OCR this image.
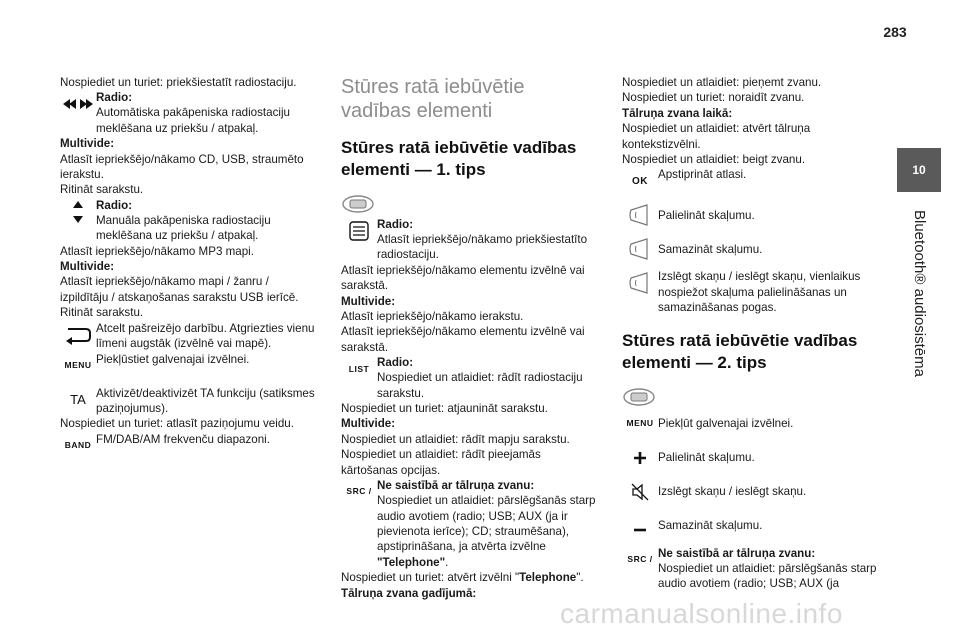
283
10
Bluetooth® audiosistēma

Nospiediet un turiet: priekšiestatīt radiostaciju.

Radio:

Automātiska pakāpeniska radiostaciju meklēšana uz priekšu / atpakaļ.

Multivide:

Atlasīt iepriekšējo/nākamo CD, USB, straumēto ierakstu.

Ritināt sarakstu.

Radio:

Manuāla pakāpeniska radiostaciju meklēšana uz priekšu / atpakaļ.

Atlasīt iepriekšējo/nākamo MP3 mapi.

Multivide:

Atlasīt iepriekšējo/nākamo mapi / žanru / izpildītāju / atskaņošanas sarakstu USB ierīcē.

Ritināt sarakstu.

Atcelt pašreizējo darbību. Atgriezties vienu līmeni augstāk (izvēlnē vai mapē).

MENU Piekļūstiet galvenajai izvēlnei.

TA Aktivizēt/deaktivizēt TA funkciju (satiksmes paziņojumus).

Nospiediet un turiet: atlasīt paziņojumu veidu.

BAND FM/DAB/AM frekvenču diapazoni.

Stūres ratā iebūvētie vadības elementi
Stūres ratā iebūvētie vadības elementi — 1. tips
Radio:

Atlasīt iepriekšējo/nākamo priekšiestatīto radiostaciju.

Atlasīt iepriekšējo/nākamo elementu izvēlnē vai sarakstā.

Multivide:

Atlasīt iepriekšējo/nākamo ierakstu.

Atlasīt iepriekšējo/nākamo elementu izvēlnē vai sarakstā.

LIST Radio:

Nospiediet un atlaidiet: rādīt radiostaciju sarakstu.

Nospiediet un turiet: atjaunināt sarakstu.

Multivide:

Nospiediet un atlaidiet: rādīt mapju sarakstu.

Nospiediet un atlaidiet: rādīt pieejamās kārtošanas opcijas.

SRC / Ne saistībā ar tālruņa zvanu:

Nospiediet un atlaidiet: pārslēgšanās starp audio avotiem (radio; USB; AUX (ja ir pievienota ierīce); CD; straumēšana), apstiprināšana, ja atvērta izvēlne "Telephone".

Nospiediet un turiet: atvērt izvēlni "Telephone".

Tālruņa zvana gadījumā:

Nospiediet un atlaidiet: pieņemt zvanu.

Nospiediet un turiet: noraidīt zvanu.

Tālruņa zvana laikā:

Nospiediet un atlaidiet: atvērt tālruņa kontekstizvēlni.

Nospiediet un atlaidiet: beigt zvanu.

OK Apstiprināt atlasi.

Palielināt skaļumu.

Samazināt skaļumu.

Izslēgt skaņu / ieslēgt skaņu, vienlaikus nospiežot skaļuma palielināšanas un samazināšanas pogas.

Stūres ratā iebūvētie vadības elementi — 2. tips
MENU Piekļūt galvenajai izvēlnei.

Palielināt skaļumu.

Izslēgt skaņu / ieslēgt skaņu.

Samazināt skaļumu.

SRC / Ne saistībā ar tālruņa zvanu:

Nospiediet un atlaidiet: pārslēgšanās starp audio avotiem (radio; USB; AUX (ja

carmanualsonline.info
